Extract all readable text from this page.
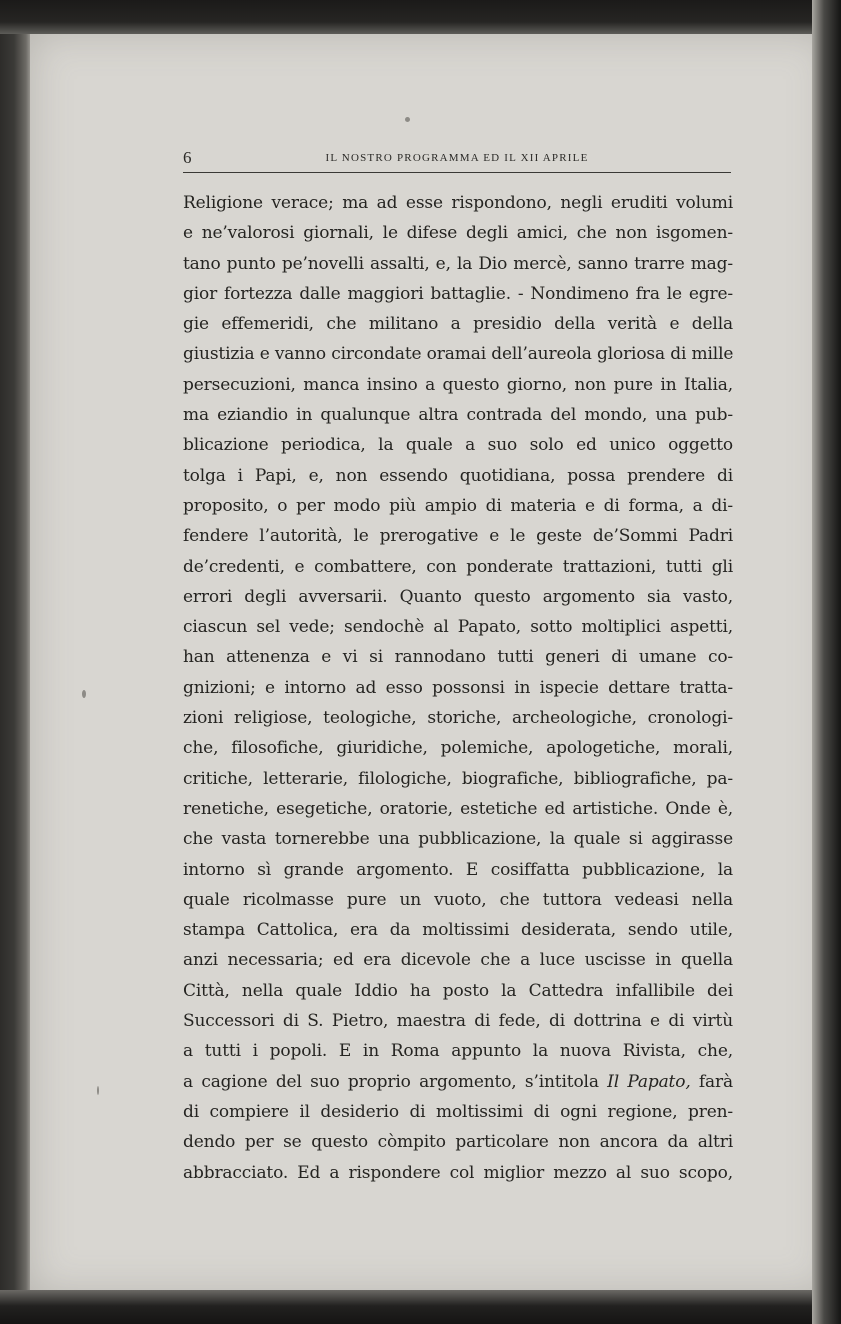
6	IL NOSTRO PROGRAMMA ED IL XII APRILE
Religione verace; ma ad esse rispondono, negli eruditi volumi
e ne’valorosi giornali, le difese degli amici, che non isgomen-
tano punto pe’novelli assalti, e, la Dio mercè, sanno trarre mag-
gior fortezza dalle maggiori battaglie. - Nondimeno fra le egre-
gie effemeridi, che militano a presidio della verità e della
giustizia e vanno circondate oramai dell’aureola gloriosa di mille
persecuzioni, manca insino a questo giorno, non pure in Italia,
ma eziandio in qualunque altra contrada del mondo, una pub-
blicazione periodica, la quale a suo solo ed unico oggetto
tolga i Papi, e, non essendo quotidiana, possa prendere di
proposito, o per modo più ampio di materia e di forma, a di-
fendere l’autorità, le prerogative e le geste de’Sommi Padri
de’credenti, e combattere, con ponderate trattazioni, tutti gli
errori degli avversarii. Quanto questo argomento sia vasto,
ciascun sel vede; sendochè al Papato, sotto moltiplici aspetti,
han attenenza e vi si rannodano tutti generi di umane co-
gnizioni; e intorno ad esso possonsi in ispecie dettare tratta-
zioni religiose, teologiche, storiche, archeologiche, cronologi-
che, filosofiche, giuridiche, polemiche, apologetiche, morali,
critiche, letterarie, filologiche, biografiche, bibliografiche, pa-
renetiche, esegetiche, oratorie, estetiche ed artistiche. Onde è,
che vasta tornerebbe una pubblicazione, la quale si aggirasse
intorno sì grande argomento. E cosiffatta pubblicazione, la
quale ricolmasse pure un vuoto, che tuttora vedeasi nella
stampa Cattolica, era da moltissimi desiderata, sendo utile,
anzi necessaria; ed era dicevole che a luce uscisse in quella
Città, nella quale Iddio ha posto la Cattedra infallibile dei
Successori di S. Pietro, maestra di fede, di dottrina e di virtù
a tutti i popoli. E in Roma appunto la nuova Rivista, che,
a cagione del suo proprio argomento, s’intitola Il Papato, farà
di compiere il desiderio di moltissimi di ogni regione, pren-
dendo per se questo còmpito particolare non ancora da altri
abbracciato. Ed a rispondere col miglior mezzo al suo scopo,
